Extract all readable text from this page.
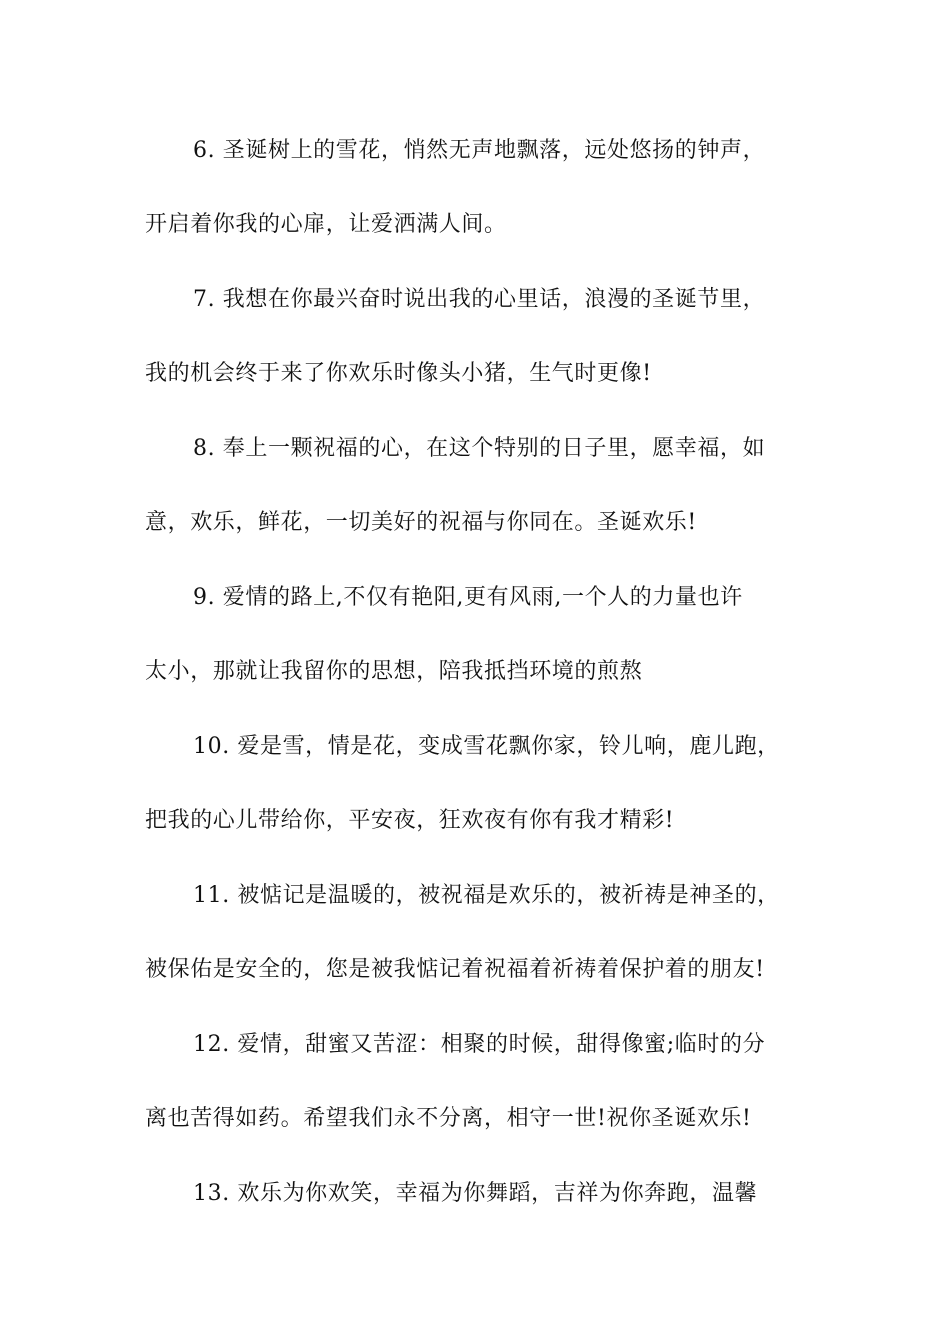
6. 圣诞树上的雪花，悄然无声地飘落，远处悠扬的钟声，
开启着你我的心扉，让爱洒满人间。
7. 我想在你最兴奋时说出我的心里话，浪漫的圣诞节里，
我的机会终于来了你欢乐时像头小猪，生气时更像!
8. 奉上一颗祝福的心，在这个特别的日子里，愿幸福，如
意，欢乐，鲜花，一切美好的祝福与你同在。圣诞欢乐!
9. 爱情的路上,不仅有艳阳,更有风雨,一个人的力量也许
太小，那就让我留你的思想，陪我抵挡环境的煎熬
10. 爱是雪，情是花，变成雪花飘你家，铃儿响，鹿儿跑，
把我的心儿带给你，平安夜，狂欢夜有你有我才精彩!
11. 被惦记是温暖的，被祝福是欢乐的，被祈祷是神圣的，
被保佑是安全的，您是被我惦记着祝福着祈祷着保护着的朋友!
12. 爱情，甜蜜又苦涩：相聚的时候，甜得像蜜;临时的分
离也苦得如药。希望我们永不分离，相守一世!祝你圣诞欢乐!
13. 欢乐为你欢笑，幸福为你舞蹈，吉祥为你奔跑，温馨
